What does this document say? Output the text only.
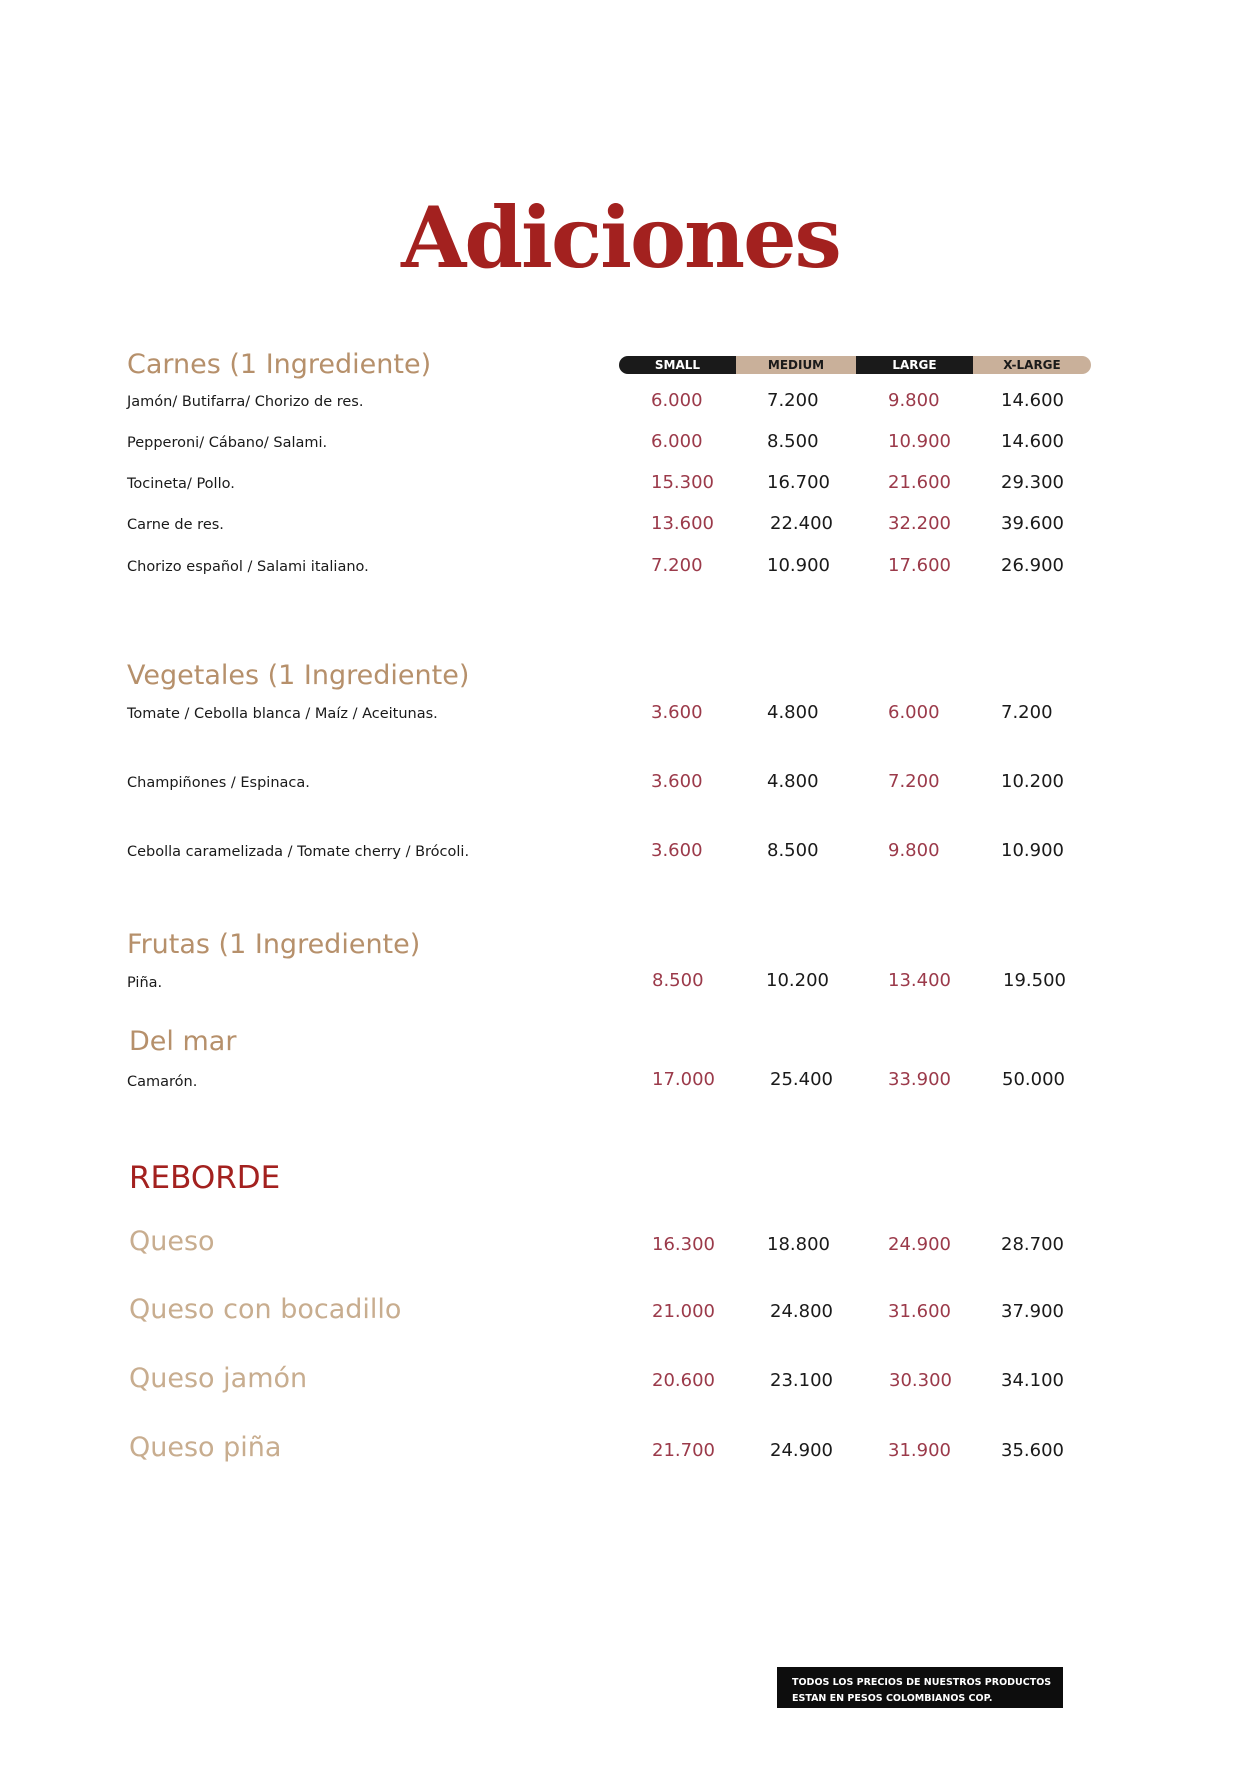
Adiciones
SMALL	MEDIUM	LARGE	X-LARGE
Carnes (1 Ingrediente)
Jamón/ Butifarra/ Chorizo de res.	6.000	7.200	9.800	14.600
Pepperoni/ Cábano/ Salami.	6.000	8.500	10.900	14.600
Tocineta/ Pollo.	15.300	16.700	21.600	29.300
Carne de res.	13.600	22.400	32.200	39.600
Chorizo español / Salami italiano.	7.200	10.900	17.600	26.900
Vegetales (1 Ingrediente)
Tomate / Cebolla blanca / Maíz / Aceitunas.	3.600	4.800	6.000	7.200
Champiñones / Espinaca.	3.600	4.800	7.200	10.200
Cebolla caramelizada / Tomate cherry / Brócoli.	3.600	8.500	9.800	10.900
Frutas (1 Ingrediente)
Piña.	8.500	10.200	13.400	19.500
Del mar
Camarón.	17.000	25.400	33.900	50.000
REBORDE
Queso	16.300	18.800	24.900	28.700
Queso con bocadillo	21.000	24.800	31.600	37.900
Queso jamón	20.600	23.100	30.300	34.100
Queso piña	21.700	24.900	31.900	35.600
TODOS LOS PRECIOS DE NUESTROS PRODUCTOS
ESTAN EN PESOS COLOMBIANOS COP.
